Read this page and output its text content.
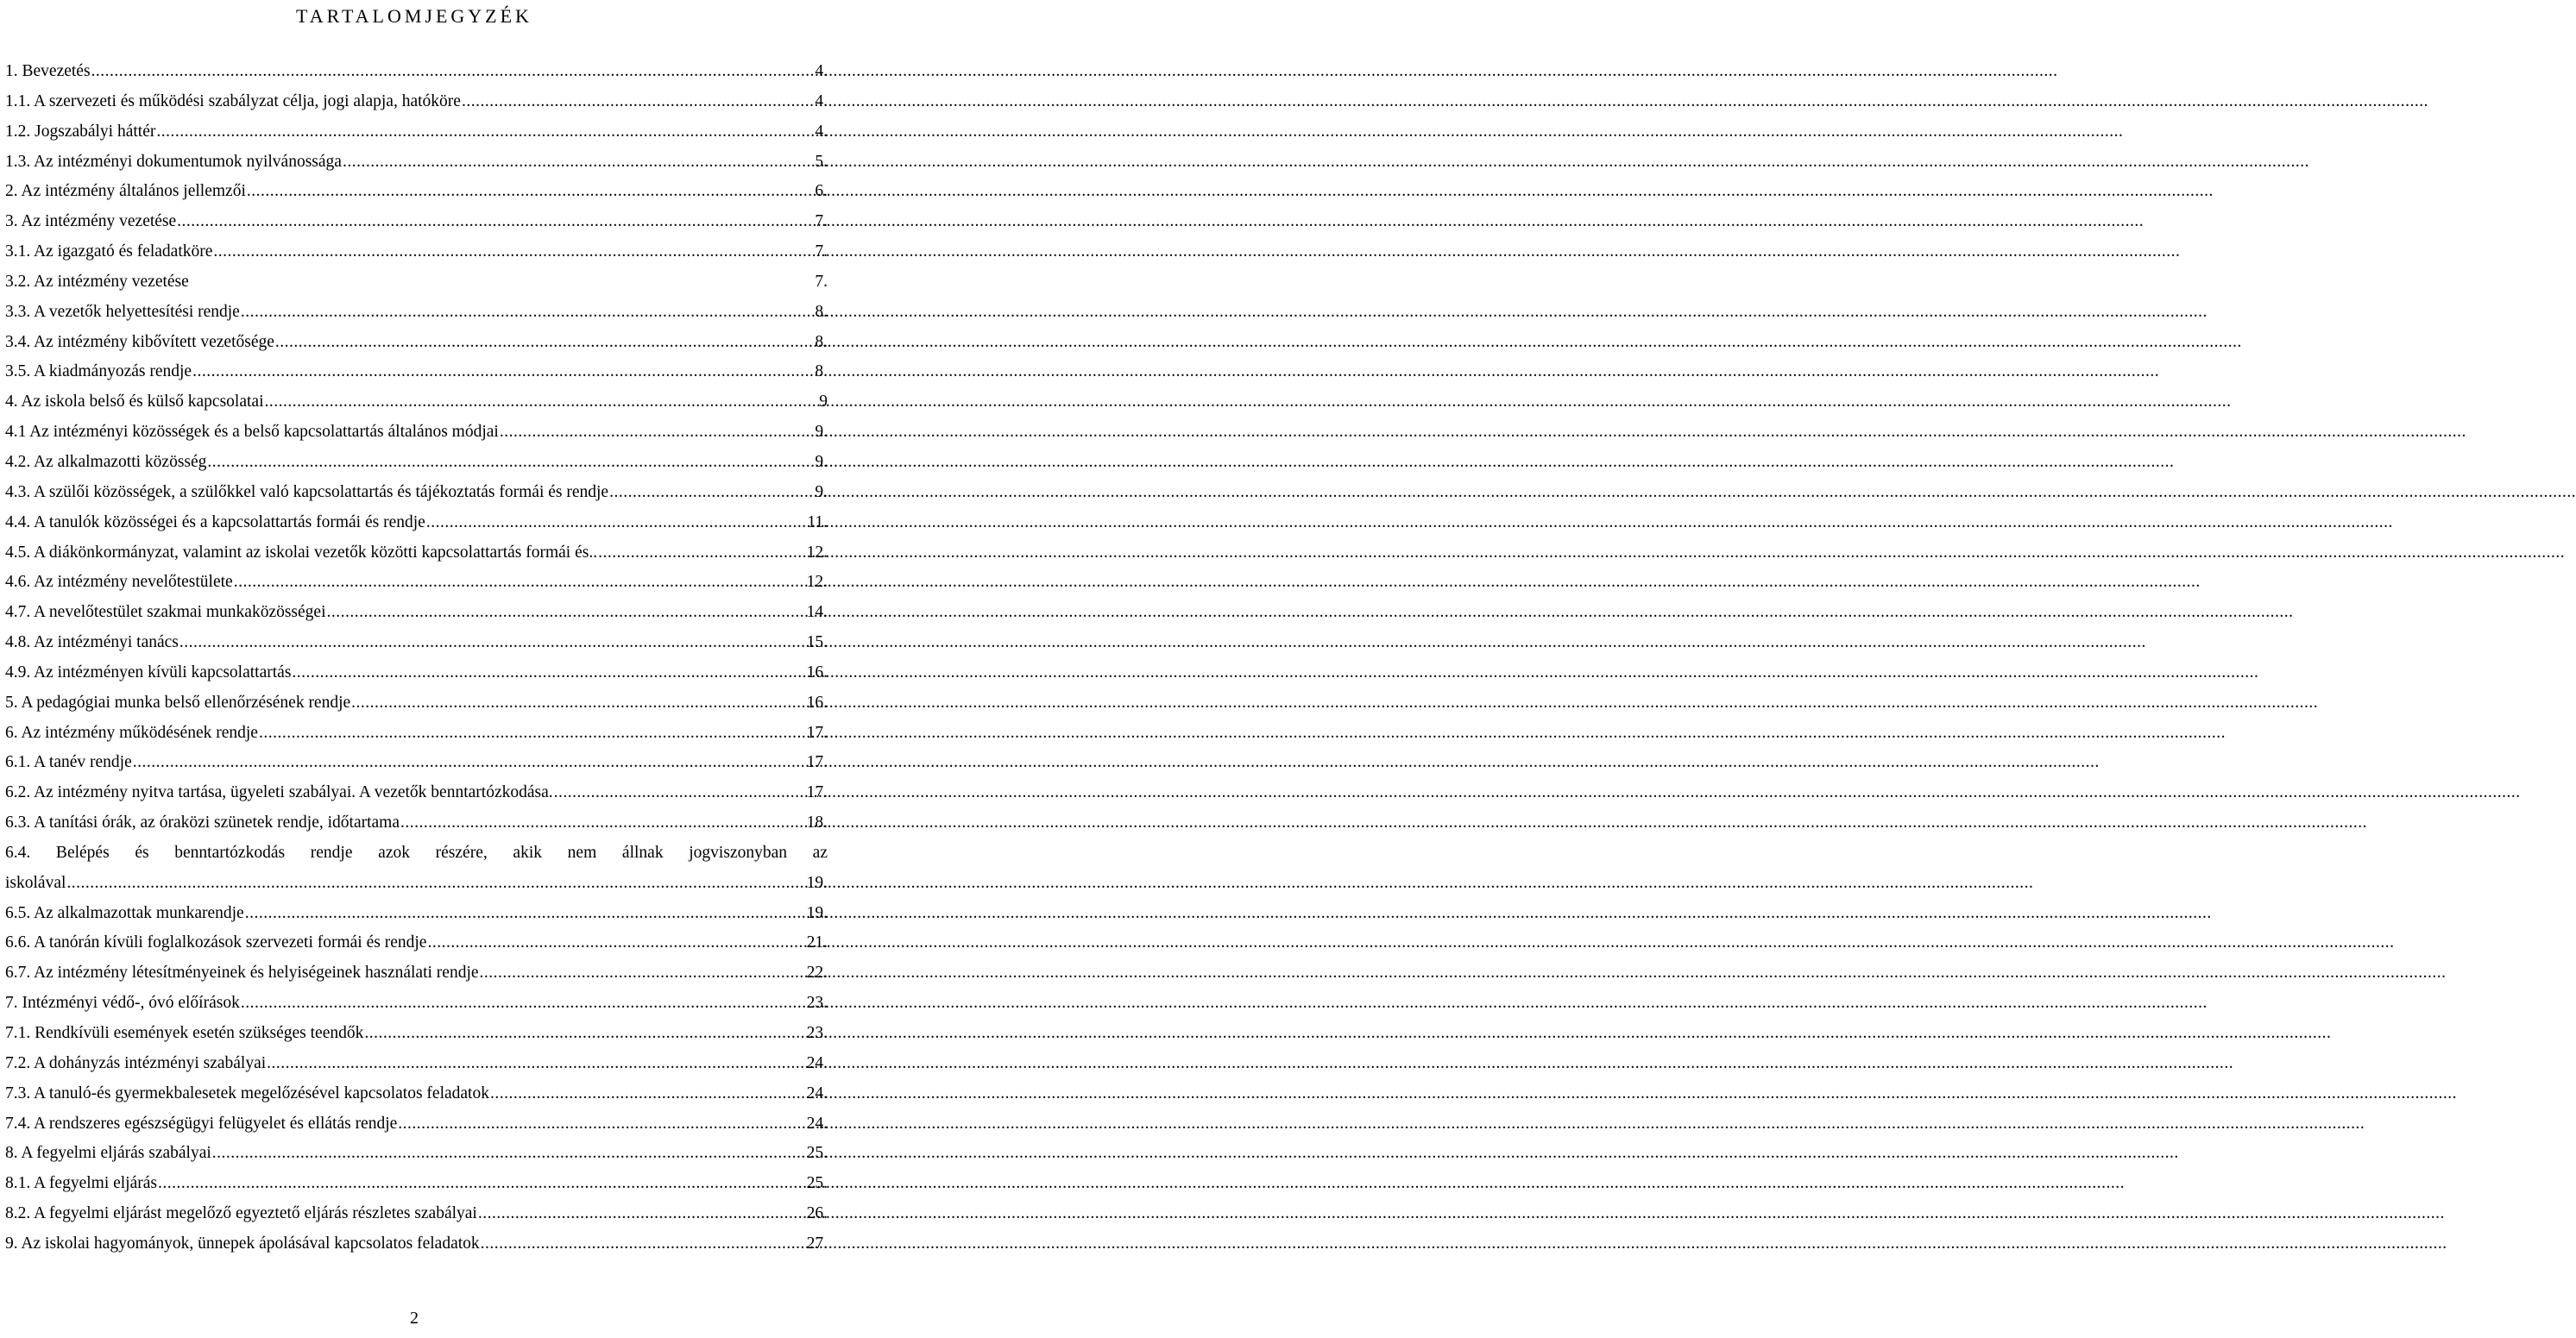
TARTALOMJEGYZÉK
1. Bevezetés .....	4.
1.1. A szervezeti és működési szabályzat célja, jogi alapja, hatóköre .....	4.
1.2. Jogszabályi háttér .....	4.
1.3. Az intézményi dokumentumok nyilvánossága .....	5.
2. Az intézmény általános jellemzői .....	6.
3. Az intézmény vezetése .....	7.
3.1. Az igazgató és feladatköre .....	7.
3.2. Az intézmény vezetése	7.
3.3. A vezetők helyettesítési rendje .....	8.
3.4. Az intézmény kibővített vezetősége .....	8.
3.5. A kiadmányozás rendje .....	8.
4. Az iskola belső és külső kapcsolatai .....	9
4.1 Az intézményi közösségek és a belső kapcsolattartás általános módjai .....	9.
4.2. Az alkalmazotti közösség .....	9.
4.3. A szülői közösségek, a szülőkkel való kapcsolattartás és tájékoztatás formái és rendje .....	9.
4.4. A tanulók közösségei és a kapcsolattartás formái és rendje .....	11.
4.5. A diákönkormányzat, valamint az iskolai vezetők közötti kapcsolattartás formái és.. .....	12.
4.6. Az intézmény nevelőtestülete .....	12.
4.7. A nevelőtestület szakmai munkaközösségei .....	14.
4.8. Az intézményi tanács .....	15.
4.9. Az intézményen kívüli kapcsolattartás .....	16.
5. A pedagógiai munka belső ellenőrzésének rendje .....	16.
6. Az intézmény működésének rendje .....	17.
6.1. A tanév rendje .....	17.
6.2. Az intézmény nyitva tartása, ügyeleti szabályai. A vezetők benntartózkodása. .....	17.
6.3. A tanítási órák, az óraközi szünetek rendje, időtartama .....	18.
6.4. Belépés és benntartózkodás rendje azok részére, akik nem állnak jogviszonyban az
iskolával .....	19.
6.5. Az alkalmazottak munkarendje .....	19.
6.6. A tanórán kívüli foglalkozások szervezeti formái és rendje .....	21.
6.7. Az intézmény létesítményeinek és helyiségeinek használati rendje .....	22.
7. Intézményi védő-, óvó előírások .....	23.
7.1. Rendkívüli események esetén szükséges teendők .....	23.
7.2. A dohányzás intézményi szabályai .....	24.
7.3. A tanuló-és gyermekbalesetek megelőzésével kapcsolatos feladatok .....	24.
7.4. A rendszeres egészségügyi felügyelet és ellátás rendje .....	24.
8. A fegyelmi eljárás szabályai .....	25.
8.1. A fegyelmi eljárás .....	25.
8.2. A fegyelmi eljárást megelőző egyeztető eljárás részletes szabályai .....	26.
9. Az iskolai hagyományok, ünnepek ápolásával kapcsolatos feladatok .....	27.
2
